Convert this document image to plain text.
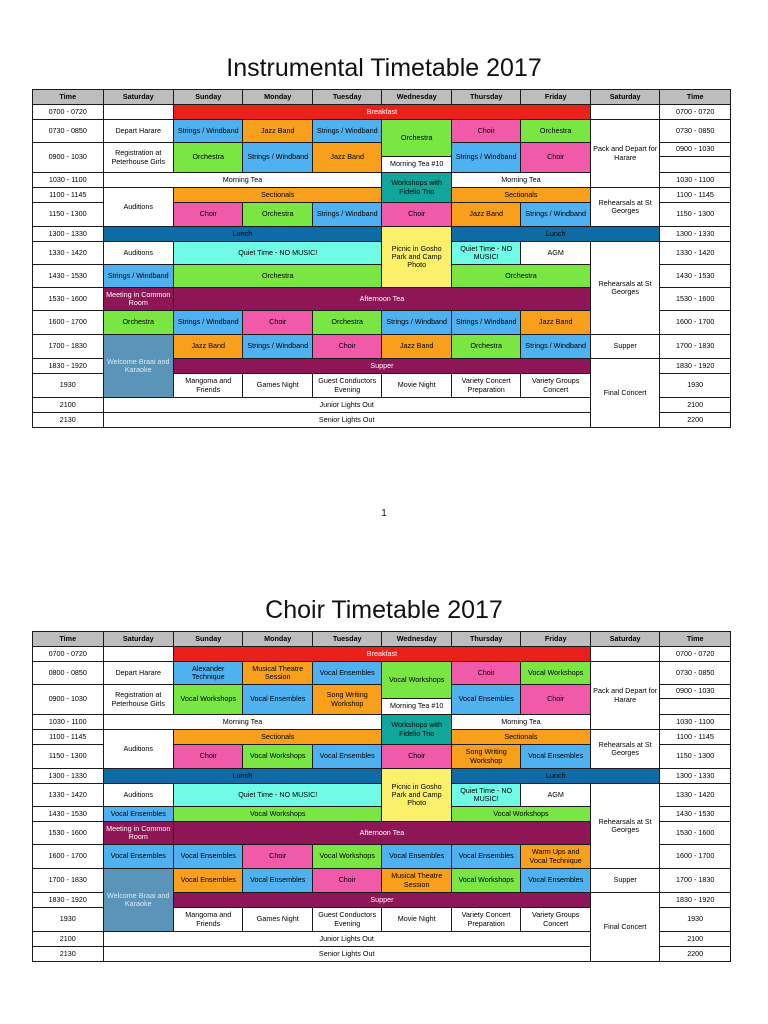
Instrumental Timetable 2017
Time	Saturday	Sunday	Monday	Tuesday	Wednesday	Thursday	Friday	Saturday	Time
0700 - 0720		Breakfast							0700 - 0720
0730 - 0850	Depart Harare	Strings / Windband	Jazz Band	Strings / Windband	Orchestra	Choir	Orchestra	Pack and Depart for Harare	0730 - 0850
0900 - 1030	Registration at Peterhouse Girls	Orchestra	Strings / Windband	Jazz Band		Strings / Windband	Choir		0900 - 1030
					Morning Tea #10				
1030 - 1100	Morning Tea				Workshops with Fidelio Trio	Morning Tea			1030 - 1100
1100 - 1145	Auditions	Sectionals				Sectionals		Rehearsals at St Georges	1100 - 1145
1150 - 1300		Choir	Orchestra	Strings / Windband	Choir	Jazz Band	Strings / Windband		1150 - 1300
1300 - 1330	Lunch				Picnic in Gosho Park and Camp Photo	Lunch			1300 - 1330
1330 - 1420	Auditions	Quiet Time - NO MUSIC!				Quiet Time - NO MUSIC!	AGM	Rehearsals at St Georges	1330 - 1420
1430 - 1530	Strings / Windband	Orchestra				Orchestra			1430 - 1530
1530 - 1600	Meeting in Common Room	Afternoon Tea							1530 - 1600
1600 - 1700	Orchestra	Strings / Windband	Choir	Orchestra	Strings / Windband	Strings / Windband	Jazz Band		1600 - 1700
1700 - 1830	Welcome Braai and Karaoke	Jazz Band	Strings / Windband	Choir	Jazz Band	Orchestra	Strings / Windband	Supper	1700 - 1830
1830 - 1920		Supper						Final Concert	1830 - 1920
1930		Mangoma and Friends	Games Night	Guest Conductors Evening	Movie Night	Variety Concert Preparation	Variety Groups Concert		1930
2100	Junior Lights Out								2100
2130	Senior Lights Out								2200
1
Choir Timetable 2017
Time	Saturday	Sunday	Monday	Tuesday	Wednesday	Thursday	Friday	Saturday	Time
0700 - 0720		Breakfast							0700 - 0720
0800 - 0850	Depart Harare	Alexander Technique	Musical Theatre Session	Vocal Ensembles	Vocal Workshops	Choir	Vocal Workshops	Pack and Depart for Harare	0730 - 0850
0900 - 1030	Registration at Peterhouse Girls	Vocal Workshops	Vocal Ensembles	Song Writing Workshop		Vocal Ensembles	Choir		0900 - 1030
					Morning Tea #10				
1030 - 1100	Morning Tea				Workshops with Fidelio Trio	Morning Tea			1030 - 1100
1100 - 1145	Auditions	Sectionals				Sectionals		Rehearsals at St Georges	1100 - 1145
1150 - 1300		Choir	Vocal Workshops	Vocal Ensembles	Choir	Song Writing Workshop	Vocal Ensembles		1150 - 1300
1300 - 1330	Lunch				Picnic in Gosho Park and Camp Photo	Lunch			1300 - 1330
1330 - 1420	Auditions	Quiet Time - NO MUSIC!				Quiet Time - NO MUSIC!	AGM	Rehearsals at St Georges	1330 - 1420
1430 - 1530	Vocal Ensembles	Vocal Workshops				Vocal Workshops			1430 - 1530
1530 - 1600	Meeting in Common Room	Afternoon Tea							1530 - 1600
1600 - 1700	Vocal Ensembles	Vocal Ensembles	Choir	Vocal Workshops	Vocal Ensembles	Vocal Ensembles	Warm Ups and Vocal Technique		1600 - 1700
1700 - 1830	Welcome Braai and Karaoke	Vocal Ensembles	Vocal Ensembles	Choir	Musical Theatre Session	Vocal Workshops	Vocal Ensembles	Supper	1700 - 1830
1830 - 1920		Supper						Final Concert	1830 - 1920
1930		Mangoma and Friends	Games Night	Guest Conductors Evening	Movie Night	Variety Concert Preparation	Variety Groups Concert		1930
2100	Junior Lights Out								2100
2130	Senior Lights Out								2200
